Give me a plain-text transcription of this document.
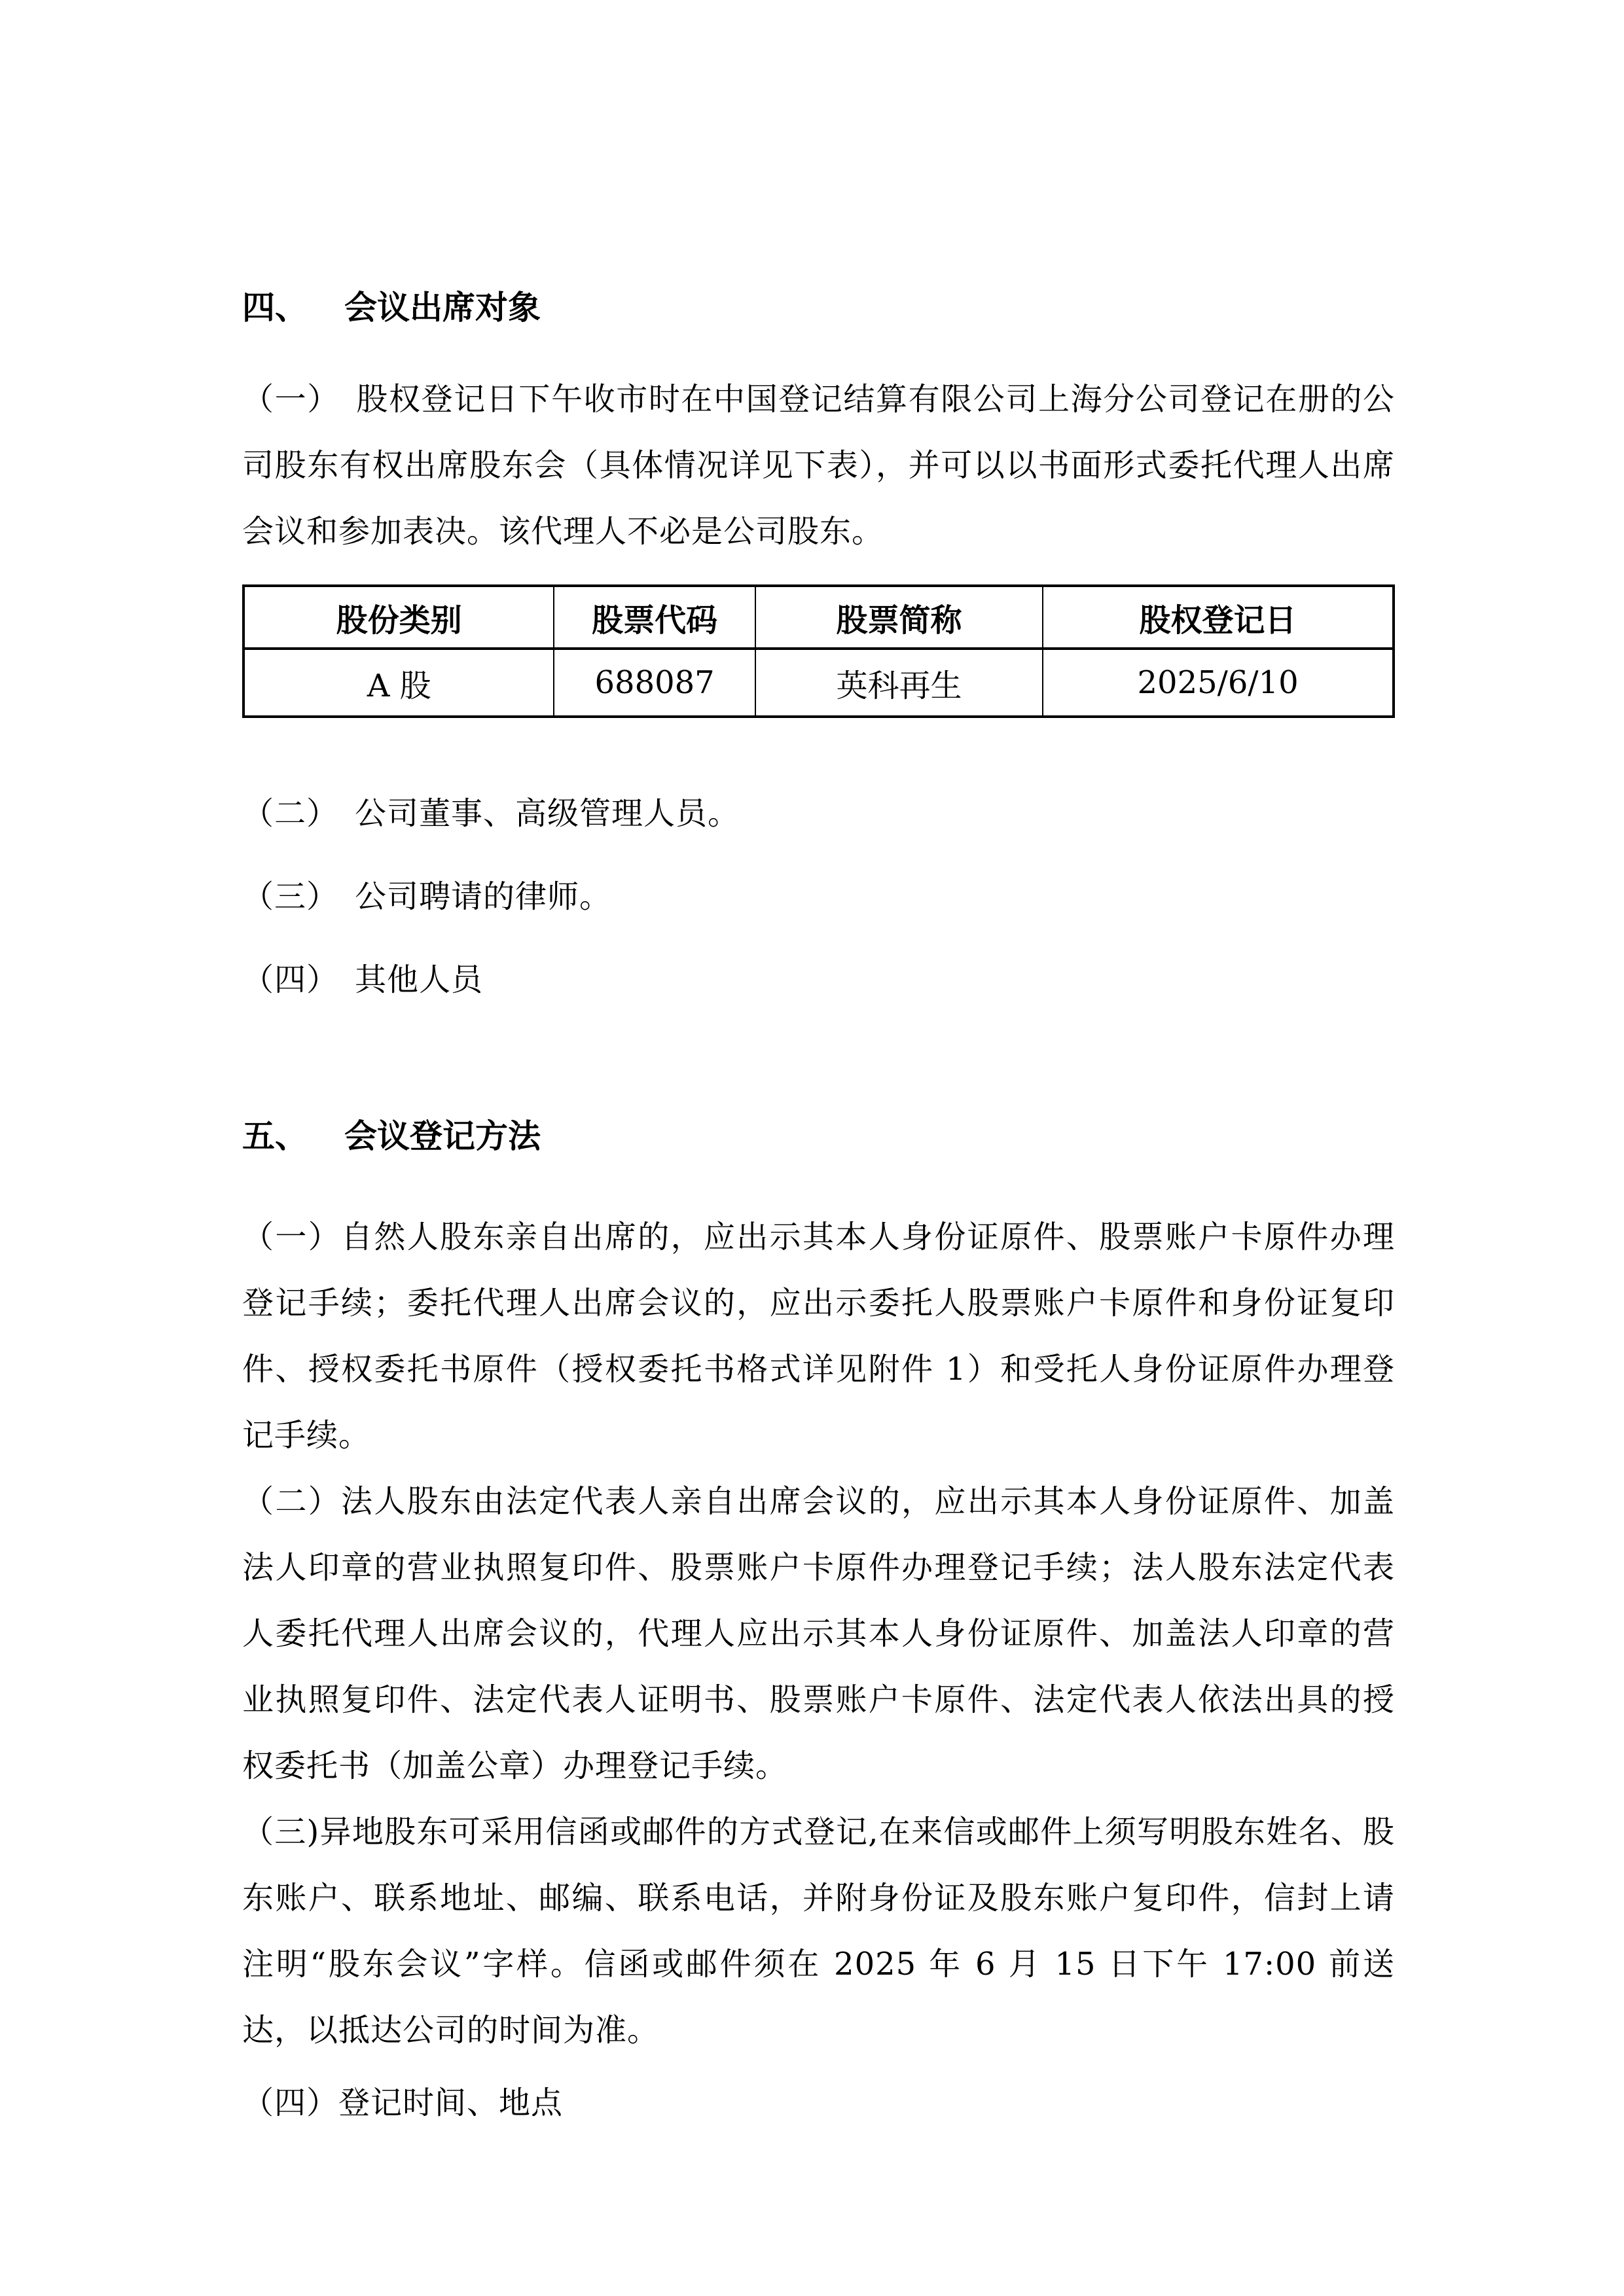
四、 会议出席对象

（一）　股权登记日下午收市时在中国登记结算有限公司上海分公司登记在册的公司股东有权出席股东会（具体情况详见下表），并可以以书面形式委托代理人出席会议和参加表决。该代理人不必是公司股东。

股份类别	股票代码	股票简称	股权登记日
A 股	688087	英科再生	2025/6/10

（二）　公司董事、高级管理人员。

（三）　公司聘请的律师。

（四）　其他人员

五、 会议登记方法

（一）自然人股东亲自出席的，应出示其本人身份证原件、股票账户卡原件办理登记手续；委托代理人出席会议的，应出示委托人股票账户卡原件和身份证复印件、授权委托书原件（授权委托书格式详见附件 1）和受托人身份证原件办理登记手续。

（二）法人股东由法定代表人亲自出席会议的，应出示其本人身份证原件、加盖法人印章的营业执照复印件、股票账户卡原件办理登记手续；法人股东法定代表人委托代理人出席会议的，代理人应出示其本人身份证原件、加盖法人印章的营业执照复印件、法定代表人证明书、股票账户卡原件、法定代表人依法出具的授权委托书（加盖公章）办理登记手续。

（三)异地股东可采用信函或邮件的方式登记,在来信或邮件上须写明股东姓名、股东账户、联系地址、邮编、联系电话，并附身份证及股东账户复印件，信封上请注明“股东会议”字样。信函或邮件须在 2025 年 6 月 15 日下午 17:00 前送达，以抵达公司的时间为准。

（四）登记时间、地点
